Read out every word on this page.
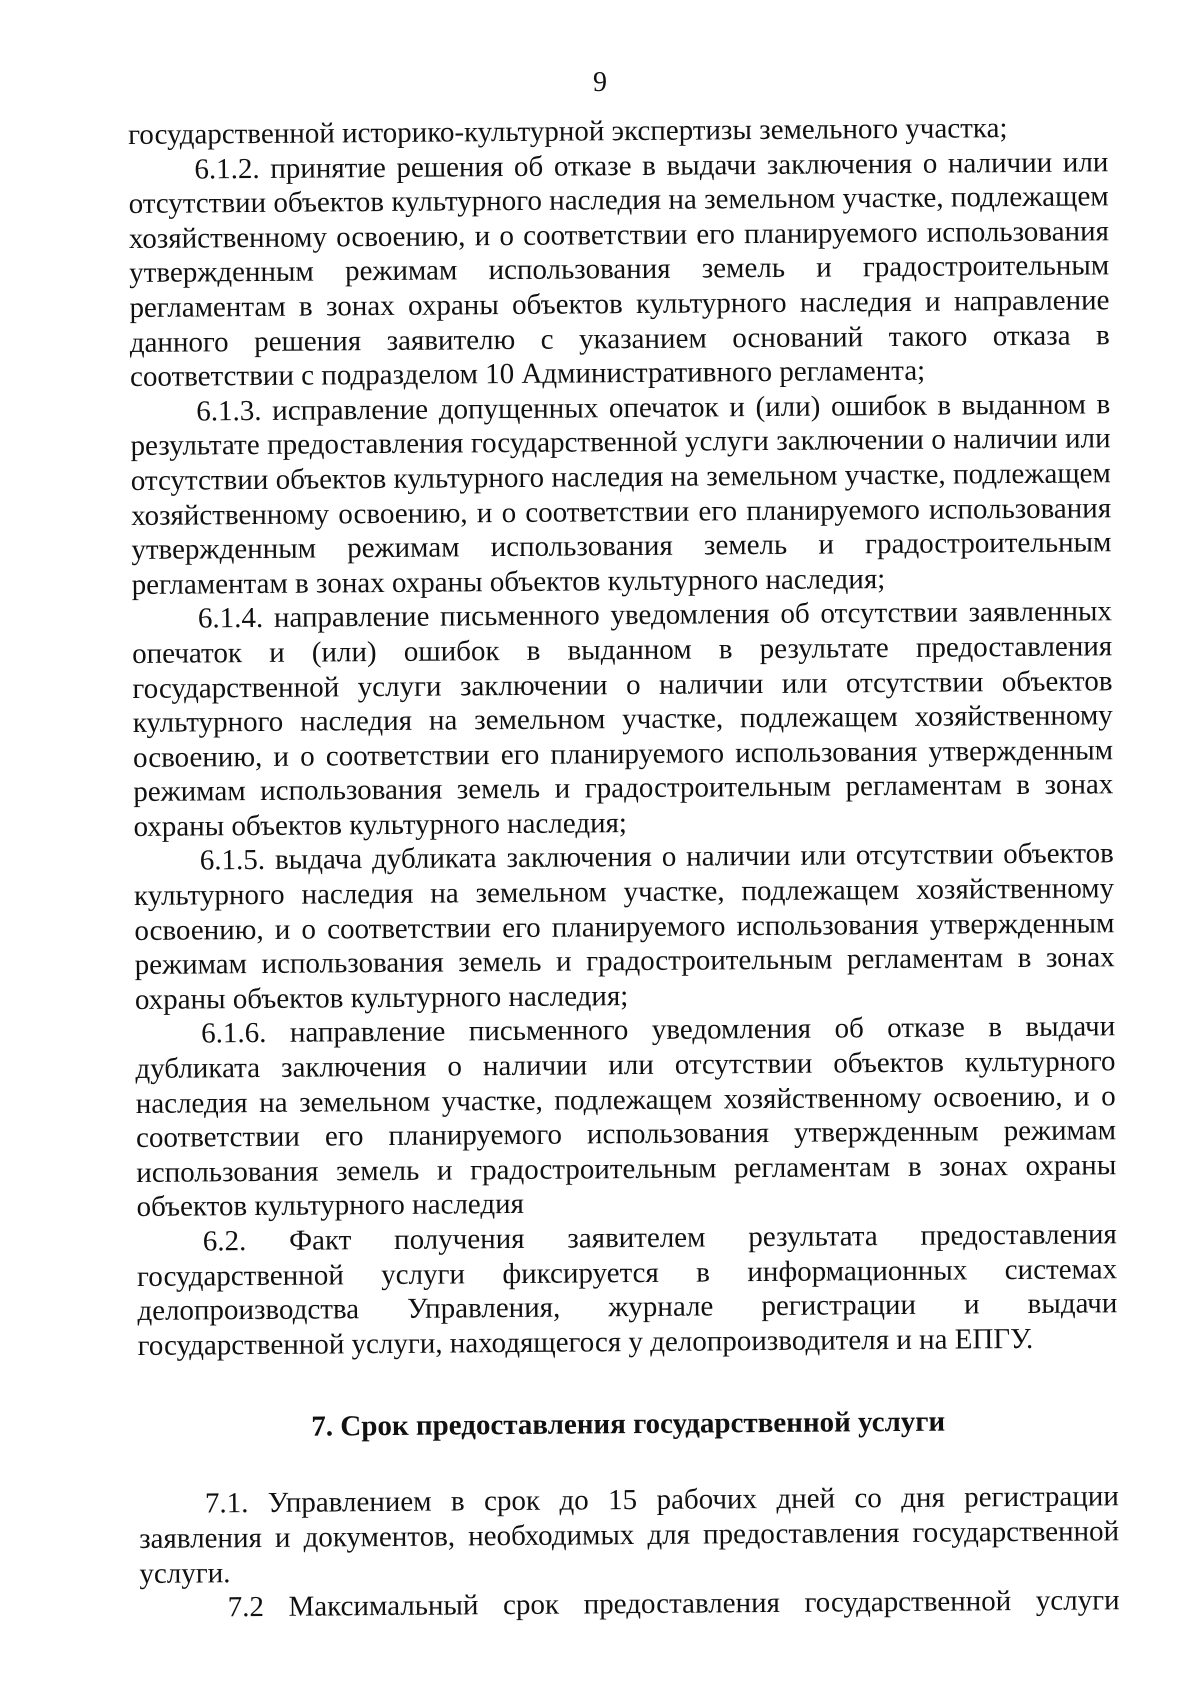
9

государственной историко-культурной экспертизы земельного участка;

6.1.2. принятие решения об отказе в выдачи заключения о наличии или отсутствии объектов культурного наследия на земельном участке, подлежащем хозяйственному освоению, и о соответствии его планируемого использования утвержденным режимам использования земель и градостроительным регламентам в зонах охраны объектов культурного наследия и направление данного решения заявителю с указанием оснований такого отказа в соответствии с подразделом 10 Административного регламента;

6.1.3. исправление допущенных опечаток и (или) ошибок в выданном в результате предоставления государственной услуги заключении о наличии или отсутствии объектов культурного наследия на земельном участке, подлежащем хозяйственному освоению, и о соответствии его планируемого использования утвержденным режимам использования земель и градостроительным регламентам в зонах охраны объектов культурного наследия;

6.1.4. направление письменного уведомления об отсутствии заявленных опечаток и (или) ошибок в выданном в результате предоставления государственной услуги заключении о наличии или отсутствии объектов культурного наследия на земельном участке, подлежащем хозяйственному освоению, и о соответствии его планируемого использования утвержденным режимам использования земель и градостроительным регламентам в зонах охраны объектов культурного наследия;

6.1.5. выдача дубликата заключения о наличии или отсутствии объектов культурного наследия на земельном участке, подлежащем хозяйственному освоению, и о соответствии его планируемого использования утвержденным режимам использования земель и градостроительным регламентам в зонах охраны объектов культурного наследия;

6.1.6. направление письменного уведомления об отказе в выдачи дубликата заключения о наличии или отсутствии объектов культурного наследия на земельном участке, подлежащем хозяйственному освоению, и о соответствии его планируемого использования утвержденным режимам использования земель и градостроительным регламентам в зонах охраны объектов культурного наследия

6.2. Факт получения заявителем результата предоставления государственной услуги фиксируется в информационных системах делопроизводства Управления, журнале регистрации и выдачи государственной услуги, находящегося у делопроизводителя и на ЕПГУ.

7. Срок предоставления государственной услуги

7.1. Управлением в срок до 15 рабочих дней со дня регистрации заявления и документов, необходимых для предоставления государственной услуги.

7.2 Максимальный срок предоставления государственной услуги
